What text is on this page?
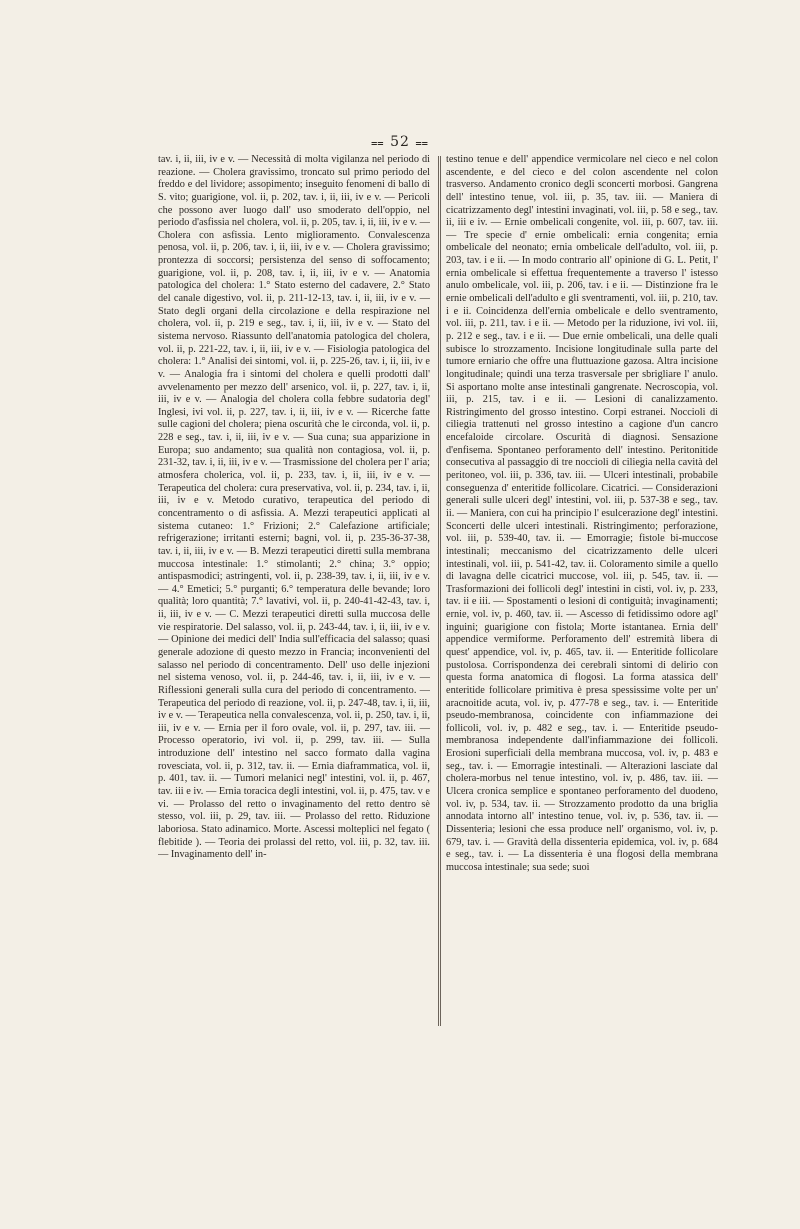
⩵ 52 ⩵

tav. i, ii, iii, iv e v. — Necessità di molta vigilanza nel periodo di reazione. — Cholera gravissimo, troncato sul primo periodo del freddo e del lividore; assopimento; inseguito fenomeni di ballo di S. vito; guarigione, vol. ii, p. 202, tav. i, ii, iii, iv e v. — Pericoli che possono aver luogo dall' uso smoderato dell'oppio, nel periodo d'asfissia nel cholera, vol. ii, p. 205, tav. i, ii, iii, iv e v. — Cholera con asfissia. Lento miglioramento. Convalescenza penosa, vol. ii, p. 206, tav. i, ii, iii, iv e v. — Cholera gravissimo; prontezza di soccorsi; persistenza del senso di soffocamento; guarigione, vol. ii, p. 208, tav. i, ii, iii, iv e v. — Anatomia patologica del cholera: 1.° Stato esterno del cadavere, 2.° Stato del canale digestivo, vol. ii, p. 211-12-13, tav. i, ii, iii, iv e v. — Stato degli organi della circolazione e della respirazione nel cholera, vol. ii, p. 219 e seg., tav. i, ii, iii, iv e v. — Stato del sistema nervoso. Riassunto dell'anatomia patologica del cholera, vol. ii, p. 221-22, tav. i, ii, iii, iv e v. — Fisiologia patologica del cholera: 1.° Analisi dei sintomi, vol. ii, p. 225-26, tav. i, ii, iii, iv e v. — Analogia fra i sintomi del cholera e quelli prodotti dall' avvelenamento per mezzo dell' arsenico, vol. ii, p. 227, tav. i, ii, iii, iv e v. — Analogia del cholera colla febbre sudatoria degl' Inglesi, ivi vol. ii, p. 227, tav. i, ii, iii, iv e v. — Ricerche fatte sulle cagioni del cholera; piena oscurità che le circonda, vol. ii, p. 228 e seg., tav. i, ii, iii, iv e v. — Sua cuna; sua apparizione in Europa; suo andamento; sua qualità non contagiosa, vol. ii, p. 231-32, tav. i, ii, iii, iv e v. — Trasmissione del cholera per l' aria; atmosfera cholerica, vol. ii, p. 233, tav. i, ii, iii, iv e v. — Terapeutica del cholera: cura preservativa, vol. ii, p. 234, tav. i, ii, iii, iv e v. Metodo curativo, terapeutica del periodo di concentramento o di asfissia. A. Mezzi terapeutici applicati al sistema cutaneo: 1.° Frizioni; 2.° Calefazione artificiale; refrigerazione; irritanti esterni; bagni, vol. ii, p. 235-36-37-38, tav. i, ii, iii, iv e v. — B. Mezzi terapeutici diretti sulla membrana muccosa intestinale: 1.° stimolanti; 2.° china; 3.° oppio; antispasmodici; astringenti, vol. ii, p. 238-39, tav. i, ii, iii, iv e v. — 4.° Emetici; 5.° purganti; 6.° temperatura delle bevande; loro qualità; loro quantità; 7.° lavativi, vol. ii, p. 240-41-42-43, tav. i, ii, iii, iv e v. — C. Mezzi terapeutici diretti sulla muccosa delle vie respiratorie. Del salasso, vol. ii, p. 243-44, tav. i, ii, iii, iv e v. — Opinione dei medici dell' India sull'efficacia del salasso; quasi generale adozione di questo mezzo in Francia; inconvenienti del salasso nel periodo di concentramento. Dell' uso delle injezioni nel sistema venoso, vol. ii, p. 244-46, tav. i, ii, iii, iv e v. — Riflessioni generali sulla cura del periodo di concentramento. — Terapeutica del periodo di reazione, vol. ii, p. 247-48, tav. i, ii, iii, iv e v. — Terapeutica nella convalescenza, vol. ii, p. 250, tav. i, ii, iii, iv e v. — Ernia per il foro ovale, vol. ii, p. 297, tav. iii. — Processo operatorio, ivi vol. ii, p. 299, tav. iii. — Sulla introduzione dell' intestino nel sacco formato dalla vagina rovesciata, vol. ii, p. 312, tav. ii. — Ernia diaframmatica, vol. ii, p. 401, tav. ii. — Tumori melanici negl' intestini, vol. ii, p. 467, tav. iii e iv. — Ernia toracica degli intestini, vol. ii, p. 475, tav. v e vi. — Prolasso del retto o invaginamento del retto dentro sè stesso, vol. iii, p. 29, tav. iii. — Prolasso del retto. Riduzione laboriosa. Stato adinamico. Morte. Ascessi molteplici nel fegato ( flebitide ). — Teoria dei prolassi del retto, vol. iii, p. 32, tav. iii. — Invaginamento dell' in-

testino tenue e dell' appendice vermicolare nel cieco e nel colon ascendente, e del cieco e del colon ascendente nel colon trasverso. Andamento cronico degli sconcerti morbosi. Gangrena dell' intestino tenue, vol. iii, p. 35, tav. iii. — Maniera di cicatrizzamento degl' intestini invaginati, vol. iii, p. 58 e seg., tav. ii, iii e iv. — Ernie ombelicali congenite, vol. iii, p. 607, tav. iii. — Tre specie d' ernie ombelicali: ernia congenita; ernia ombelicale del neonato; ernia ombelicale dell'adulto, vol. iii, p. 203, tav. i e ii. — In modo contrario all' opinione di G. L. Petit, l' ernia ombelicale si effettua frequentemente a traverso l' istesso anulo ombelicale, vol. iii, p. 206, tav. i e ii. — Distinzione fra le ernie ombelicali dell'adulto e gli sventramenti, vol. iii, p. 210, tav. i e ii. Coincidenza dell'ernia ombelicale e dello sventramento, vol. iii, p. 211, tav. i e ii. — Metodo per la riduzione, ivi vol. iii, p. 212 e seg., tav. i e ii. — Due ernie ombelicali, una delle quali subisce lo strozzamento. Incisione longitudinale sulla parte del tumore erniario che offre una fluttuazione gazosa. Altra incisione longitudinale; quindi una terza trasversale per sbrigliare l' anulo. Si asportano molte anse intestinali gangrenate. Necroscopia, vol. iii, p. 215, tav. i e ii. — Lesioni di canalizzamento. Ristringimento del grosso intestino. Corpi estranei. Noccioli di ciliegia trattenuti nel grosso intestino a cagione d'un cancro encefaloide circolare. Oscurità di diagnosi. Sensazione d'enfisema. Spontaneo perforamento dell' intestino. Peritonitide consecutiva al passaggio di tre noccioli di ciliegia nella cavità del peritoneo, vol. iii, p. 336, tav. iii. — Ulceri intestinali, probabile conseguenza d' enteritide follicolare. Cicatrici. — Considerazioni generali sulle ulceri degl' intestini, vol. iii, p. 537-38 e seg., tav. ii. — Maniera, con cui ha principio l' esulcerazione degl' intestini. Sconcerti delle ulceri intestinali. Ristringimento; perforazione, vol. iii, p. 539-40, tav. ii. — Emorragie; fistole bi-muccose intestinali; meccanismo del cicatrizzamento delle ulceri intestinali, vol. iii, p. 541-42, tav. ii. Coloramento simile a quello di lavagna delle cicatrici muccose, vol. iii, p. 545, tav. ii. — Trasformazioni dei follicoli degl' intestini in cisti, vol. iv, p. 233, tav. ii e iii. — Spostamenti o lesioni di contiguità; invaginamenti; ernie, vol. iv, p. 460, tav. ii. — Ascesso di fetidissimo odore agl' inguini; guarigione con fistola; Morte istantanea. Ernia dell' appendice vermiforme. Perforamento dell' estremità libera di quest' appendice, vol. iv, p. 465, tav. ii. — Enteritide follicolare pustolosa. Corrispondenza dei cerebrali sintomi di delirio con questa forma anatomica di flogosi. La forma atassica dell' enteritide follicolare primitiva è presa spessissime volte per un' aracnoitide acuta, vol. iv, p. 477-78 e seg., tav. i. — Enteritide pseudo-membranosa, coincidente con infiammazione dei follicoli, vol. iv, p. 482 e seg., tav. i. — Enteritide pseudo-membranosa independente dall'infiammazione dei follicoli. Erosioni superficiali della membrana muccosa, vol. iv, p. 483 e seg., tav. i. — Emorragie intestinali. — Alterazioni lasciate dal cholera-morbus nel tenue intestino, vol. iv, p. 486, tav. iii. — Ulcera cronica semplice e spontaneo perforamento del duodeno, vol. iv, p. 534, tav. ii. — Strozzamento prodotto da una briglia annodata intorno all' intestino tenue, vol. iv, p. 536, tav. ii. — Dissenteria; lesioni che essa produce nell' organismo, vol. iv, p. 679, tav. i. — Gravità della dissenteria epidemica, vol. iv, p. 684 e seg., tav. i. — La dissenteria è una flogosi della membrana muccosa intestinale; sua sede; suoi
